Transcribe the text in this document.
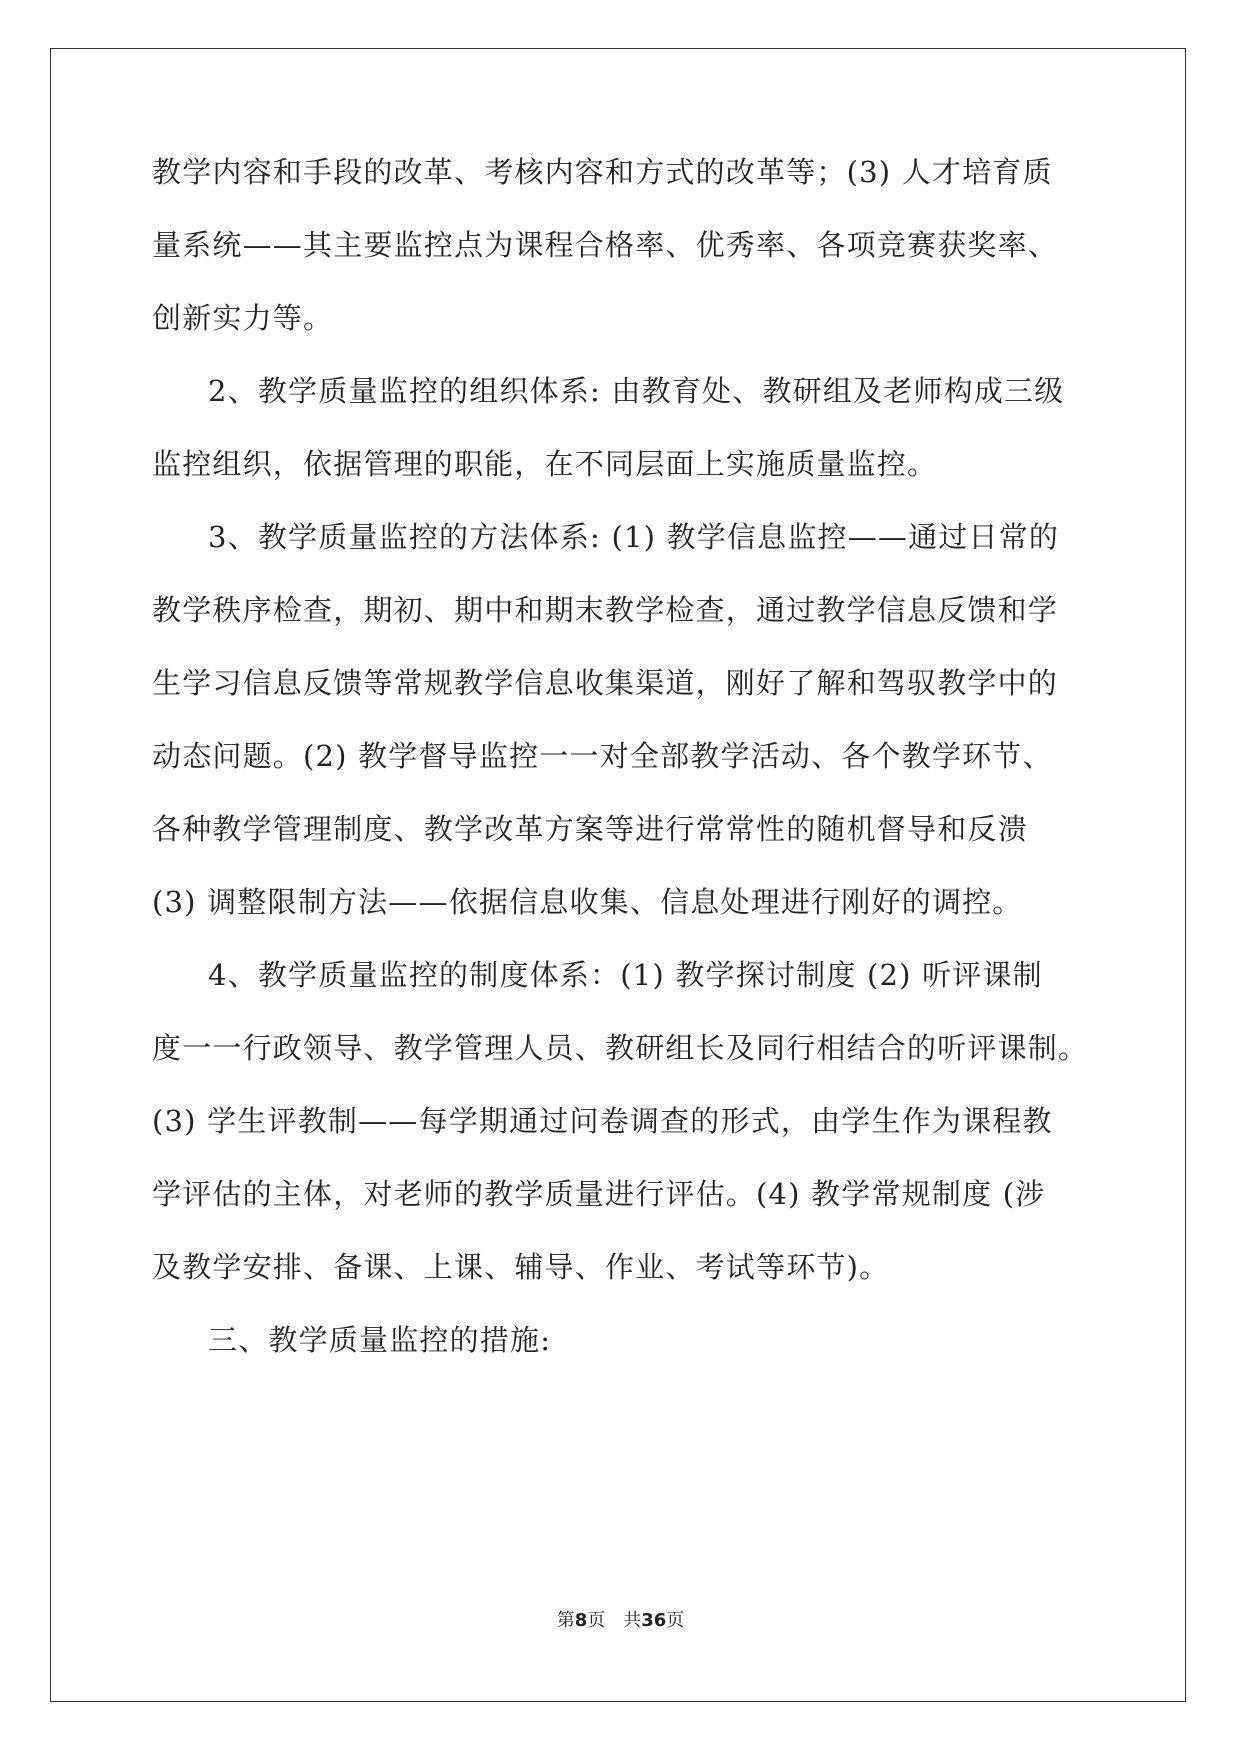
教学内容和手段的改革、考核内容和方式的改革等；(3) 人才培育质
量系统——其主要监控点为课程合格率、优秀率、各项竞赛获奖率、
创新实力等。
2、教学质量监控的组织体系: 由教育处、教研组及老师构成三级
监控组织，依据管理的职能，在不同层面上实施质量监控。
3、教学质量监控的方法体系: (1) 教学信息监控——通过日常的
教学秩序检查，期初、期中和期末教学检查，通过教学信息反馈和学
生学习信息反馈等常规教学信息收集渠道，刚好了解和驾驭教学中的
动态问题。(2) 教学督导监控一一对全部教学活动、各个教学环节、
各种教学管理制度、教学改革方案等进行常常性的随机督导和反溃
(3) 调整限制方法——依据信息收集、信息处理进行刚好的调控。
4、教学质量监控的制度体系：(1) 教学探讨制度 (2) 听评课制
度一一行政领导、教学管理人员、教研组长及同行相结合的听评课制。
(3) 学生评教制——每学期通过问卷调查的形式，由学生作为课程教
学评估的主体，对老师的教学质量进行评估。(4) 教学常规制度 (涉
及教学安排、备课、上课、辅导、作业、考试等环节)。
三、教学质量监控的措施:
第8页　共36页
